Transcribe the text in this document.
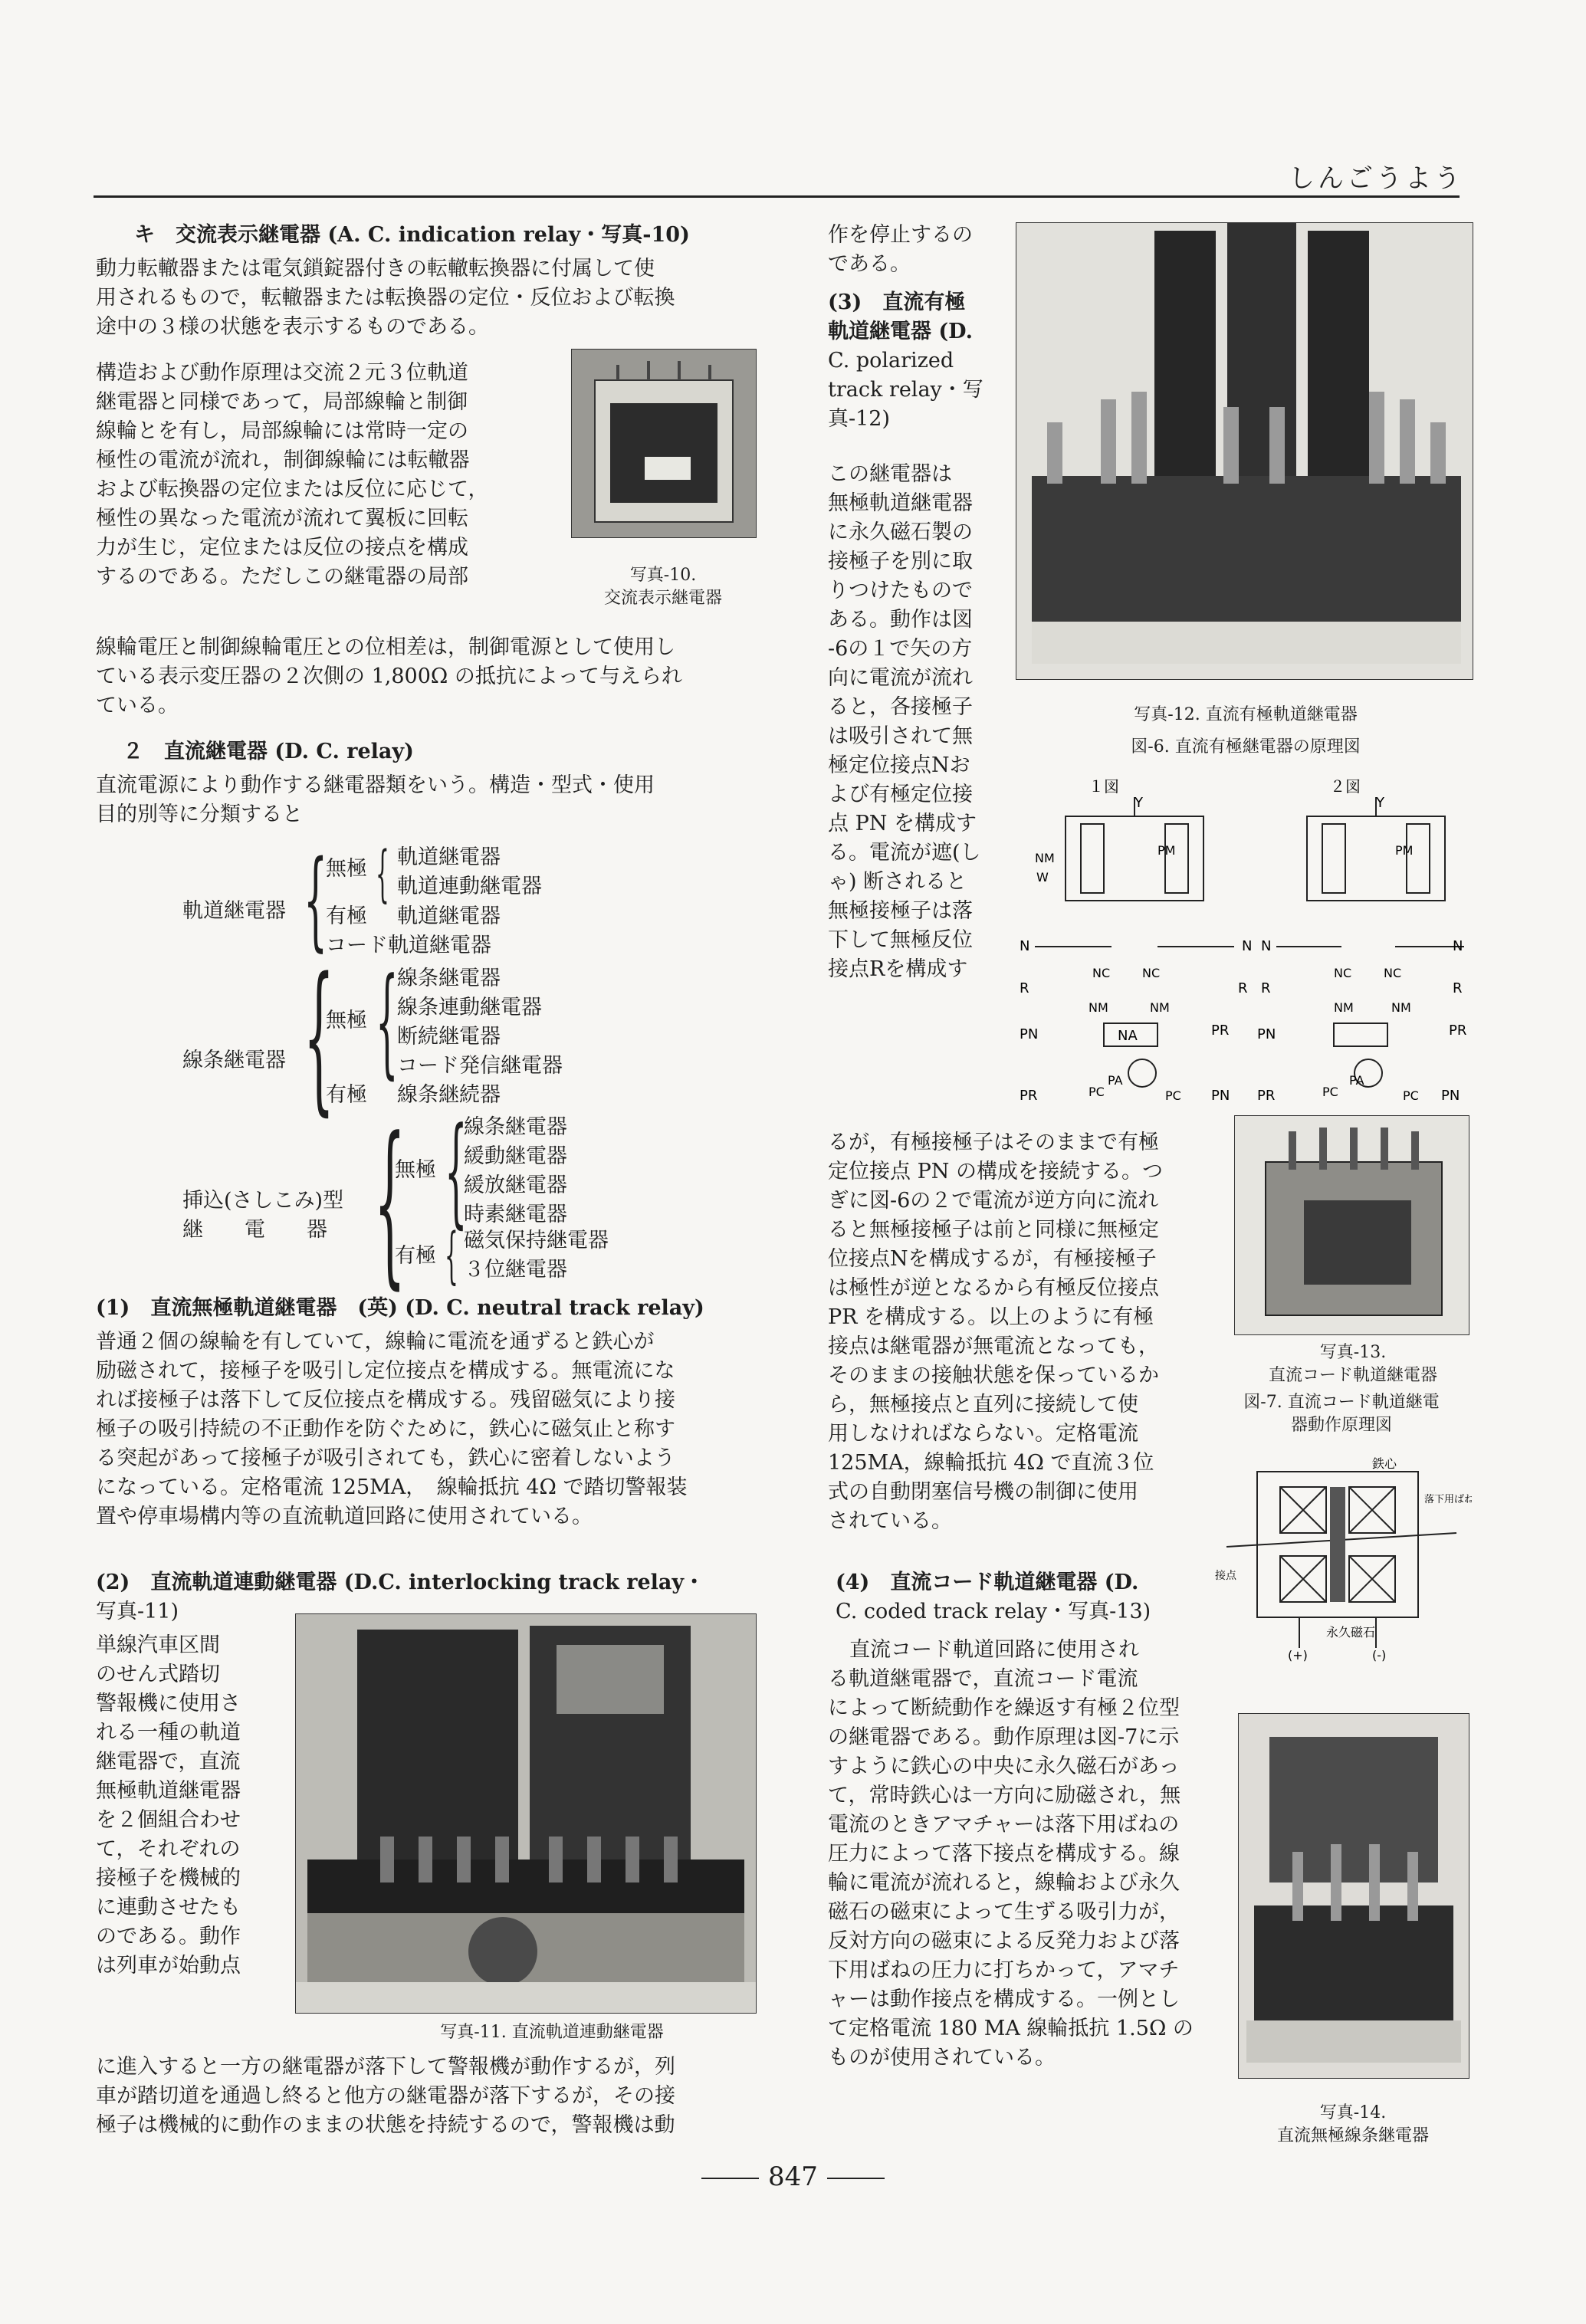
しんごうよう
キ　交流表示継電器 (A. C. indication relay・写真-10)
動力転轍器または電気鎖錠器付きの転轍転換器に付属して使
用されるもので，転轍器または転換器の定位・反位および転換
途中の３様の状態を表示するものである。
構造および動作原理は交流２元３位軌道
継電器と同様であって，局部線輪と制御
線輪とを有し，局部線輪には常時一定の
極性の電流が流れ，制御線輪には転轍器
および転換器の定位または反位に応じて，
極性の異なった電流が流れて翼板に回転
力が生じ，定位または反位の接点を構成
するのである。ただしこの継電器の局部	写真-10.
交流表示継電器
線輪電圧と制御線輪電圧との位相差は，制御電源として使用し
ている表示変圧器の２次側の 1,800Ω の抵抗によって与えられ
ている。
２　直流継電器 (D. C. relay)
直流電源により動作する継電器類をいう。構造・型式・使用
目的別等に分類すると
軌道継電器 {
無極 { 軌道継電器
軌道連動継電器
有極 軌道継電器
コード軌道継電器
線条継電器 {
無極 {
線条継電器
線条連動継電器
断続継電器
コード発信継電器
有極 線条継続器
挿込(さしこみ)型
継　　電　　器 {
無極 {
線条継電器
緩動継電器
緩放継電器
時素継電器
有極 { 磁気保持継電器
３位継電器
(1)　直流無極軌道継電器　(英) (D. C. neutral track relay)
普通２個の線輪を有していて，線輪に電流を通ずると鉄心が
励磁されて，接極子を吸引し定位接点を構成する。無電流にな
れば接極子は落下して反位接点を構成する。残留磁気により接
極子の吸引持続の不正動作を防ぐために，鉄心に磁気止と称す
る突起があって接極子が吸引されても，鉄心に密着しないよう
になっている。定格電流 125MA，　線輪抵抗 4Ω で踏切警報装
置や停車場構内等の直流軌道回路に使用されている。
(2)　直流軌道連動継電器 (D.C. interlocking track relay・
写真-11)
単線汽車区間
のせん式踏切
警報機に使用さ
れる一種の軌道
継電器で，直流
無極軌道継電器
を２個組合わせ
て，それぞれの
接極子を機械的
に連動させたも
のである。動作
は列車が始動点
写真-11. 直流軌道連動継電器
に進入すると一方の継電器が落下して警報機が動作するが，列
車が踏切道を通過し終ると他方の継電器が落下するが，その接
極子は機械的に動作のままの状態を持続するので，警報機は動
作を停止するの
である。
(3)　直流有極
軌道継電器 (D.
C. polarized
track relay・写
真-12)
この継電器は
無極軌道継電器
に永久磁石製の
接極子を別に取
りつけたもので
ある。動作は図
-6の１で矢の方
向に電流が流れ
ると，各接極子
は吸引されて無
極定位接点Nお
よび有極定位接
点 PN を構成す
る。電流が遮(し
ゃ) 断されると
無極接極子は落
下して無極反位
接点Rを構成す
写真-12. 直流有極軌道継電器
図-6. 直流有極継電器の原理図
１図	２図
Y	Y
NM
W
PM	PM
N	N N	N
R	R R	R
NC	NC	NC	NC
NM	NM	NM	NM
PR	PR
PN	PN
PR	PR
PN	PN
PC	PC	PC	PC
PA	PA
NA
るが，有極接極子はそのままで有極
定位接点 PN の構成を接続する。つ
ぎに図-6の２で電流が逆方向に流れ
ると無極接極子は前と同様に無極定
位接点Nを構成するが，有極接極子
は極性が逆となるから有極反位接点
PR を構成する。以上のように有極
接点は継電器が無電流となっても，
そのままの接触状態を保っているか
ら，無極接点と直列に接続して使
用しなければならない。定格電流
125MA，線輪抵抗 4Ω で直流３位
式の自動閉塞信号機の制御に使用
されている。
写真-13.
直流コード軌道継電器
図-7. 直流コード軌道継電
器動作原理図
鉄心
永久磁石
落下用ばね
接点
(+)	(-)
(4)　直流コード軌道継電器 (D.
C. coded track relay・写真-13)
直流コード軌道回路に使用され
る軌道継電器で，直流コード電流
によって断続動作を繰返す有極２位型
の継電器である。動作原理は図-7に示
すように鉄心の中央に永久磁石があっ
て，常時鉄心は一方向に励磁され，無
電流のときアマチャーは落下用ばねの
圧力によって落下接点を構成する。線
輪に電流が流れると，線輪および永久
磁石の磁束によって生ずる吸引力が，
反対方向の磁束による反発力および落
下用ばねの圧力に打ちかって，アマチ
ャーは動作接点を構成する。一例とし
て定格電流 180 MA 線輪抵抗 1.5Ω の
ものが使用されている。
写真-14.
直流無極線条継電器
847
